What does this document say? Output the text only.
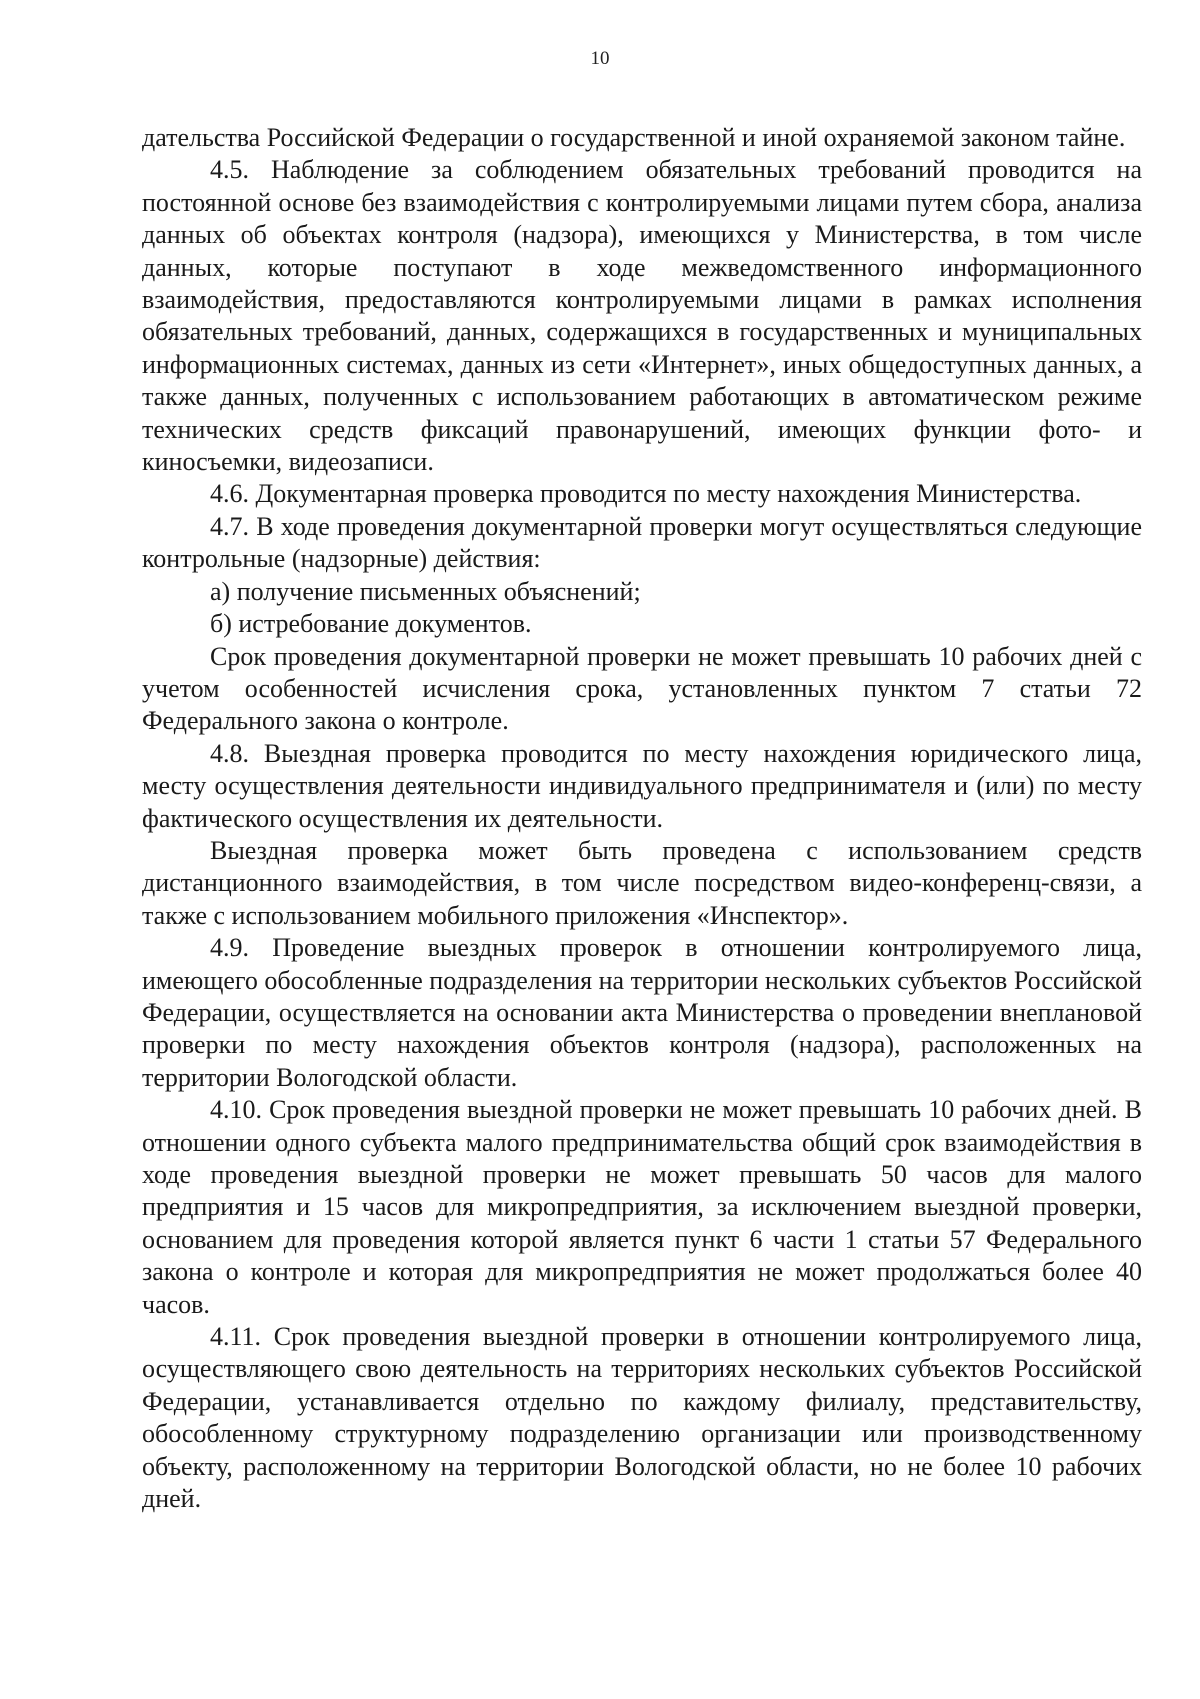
10

дательства Российской Федерации о государственной и иной охраняемой законом тайне.

4.5. Наблюдение за соблюдением обязательных требований проводится на постоянной основе без взаимодействия с контролируемыми лицами путем сбора, анализа данных об объектах контроля (надзора), имеющихся у Министерства, в том числе данных, которые поступают в ходе межведомственного информационного взаимодействия, предоставляются контролируемыми лицами в рамках исполнения обязательных требований, данных, содержащихся в государственных и муниципальных информационных системах, данных из сети «Интернет», иных общедоступных данных, а также данных, полученных с использованием работающих в автоматическом режиме технических средств фиксаций правонарушений, имеющих функции фото- и киносъемки, видеозаписи.

4.6. Документарная проверка проводится по месту нахождения Министерства.

4.7. В ходе проведения документарной проверки могут осуществляться следующие контрольные (надзорные) действия:

а) получение письменных объяснений;

б) истребование документов.

Срок проведения документарной проверки не может превышать 10 рабочих дней с учетом особенностей исчисления срока, установленных пунктом 7 статьи 72 Федерального закона о контроле.

4.8. Выездная проверка проводится по месту нахождения юридического лица, месту осуществления деятельности индивидуального предпринимателя и (или) по месту фактического осуществления их деятельности.

Выездная проверка может быть проведена с использованием средств дистанционного взаимодействия, в том числе посредством видео-конференц-связи, а также с использованием мобильного приложения «Инспектор».

4.9. Проведение выездных проверок в отношении контролируемого лица, имеющего обособленные подразделения на территории нескольких субъектов Российской Федерации, осуществляется на основании акта Министерства о проведении внеплановой проверки по месту нахождения объектов контроля (надзора), расположенных на территории Вологодской области.

4.10. Срок проведения выездной проверки не может превышать 10 рабочих дней. В отношении одного субъекта малого предпринимательства общий срок взаимодействия в ходе проведения выездной проверки не может превышать 50 часов для малого предприятия и 15 часов для микропредприятия, за исключением выездной проверки, основанием для проведения которой является пункт 6 части 1 статьи 57 Федерального закона о контроле и которая для микропредприятия не может продолжаться более 40 часов.

4.11. Срок проведения выездной проверки в отношении контролируемого лица, осуществляющего свою деятельность на территориях нескольких субъектов Российской Федерации, устанавливается отдельно по каждому филиалу, представительству, обособленному структурному подразделению организации или производственному объекту, расположенному на территории Вологодской области, но не более 10 рабочих дней.
